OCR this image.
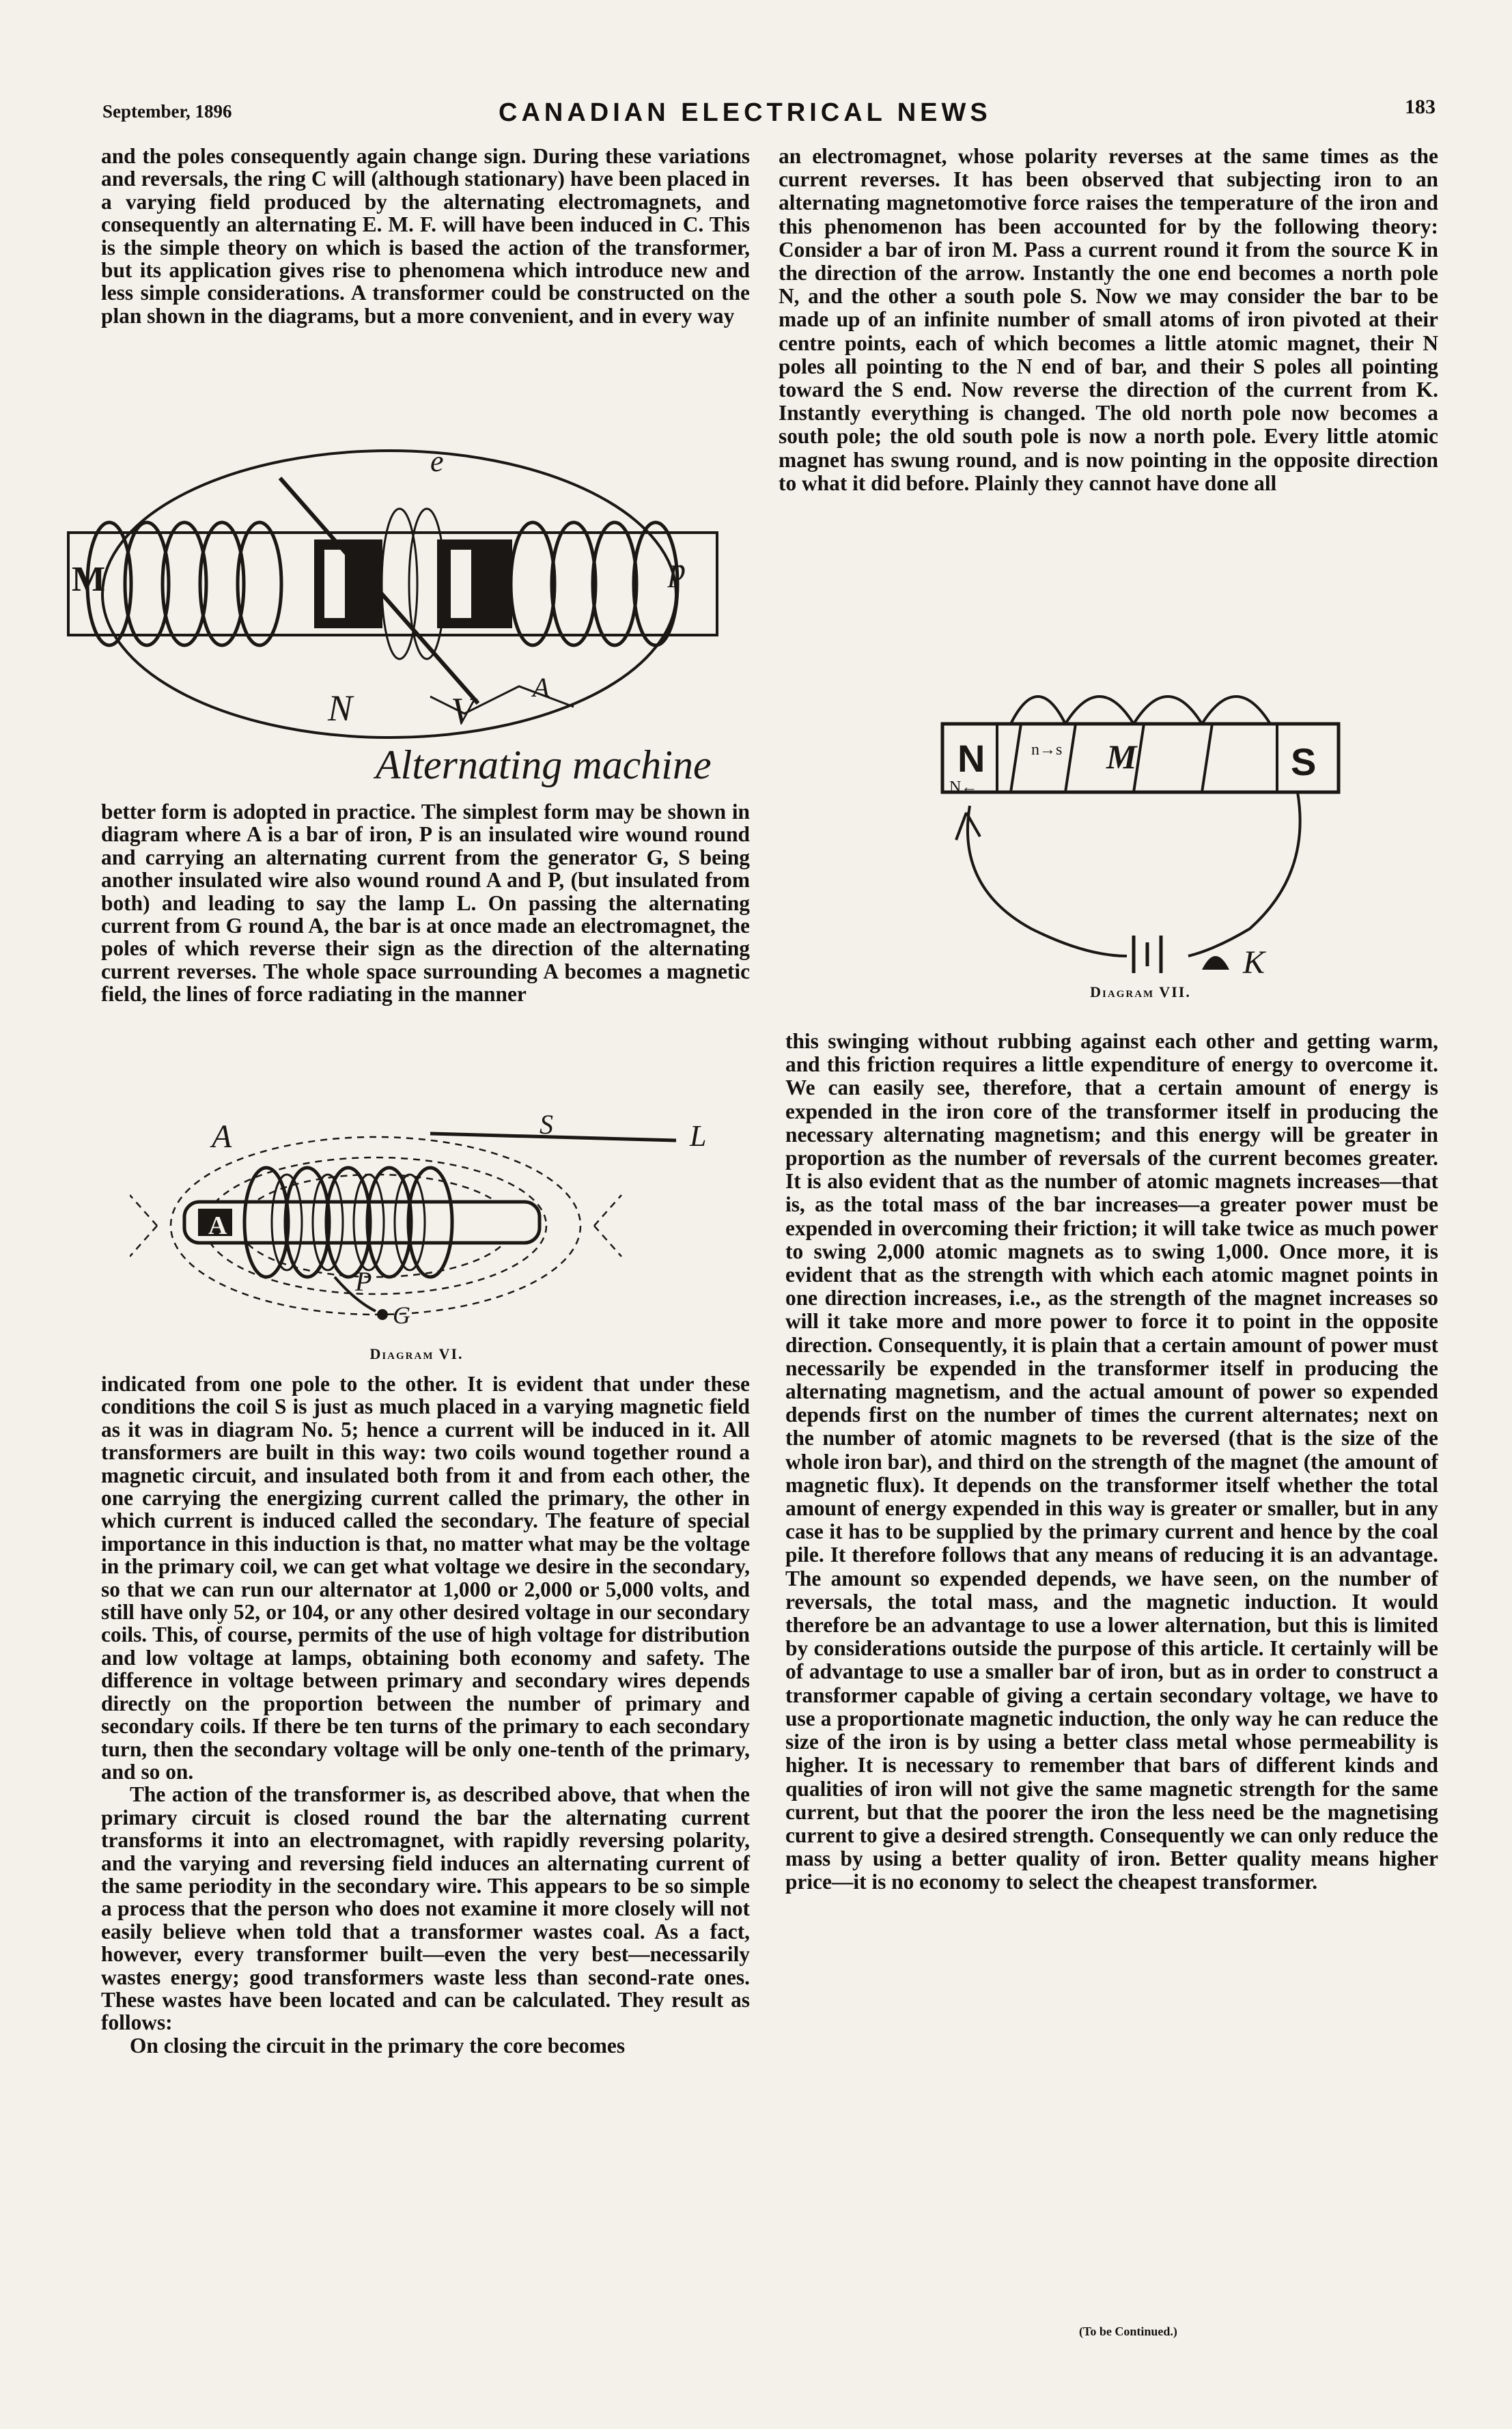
September, 1896	CANADIAN ELECTRICAL NEWS	183

and the poles consequently again change sign. During these variations and reversals, the ring C will (although stationary) have been placed in a varying field produced by the alternating electromagnets, and consequently an alternating E. M. F. will have been induced in C. This is the simple theory on which is based the action of the transformer, but its application gives rise to phenomena which introduce new and less simple considerations. A transformer could be constructed on the plan shown in the diagrams, but a more convenient, and in every way

e
M	p
N	V
A
Alternating machine

better form is adopted in practice. The simplest form may be shown in diagram where A is a bar of iron, P is an insulated wire wound round and carrying an alternating current from the generator G, S being another insulated wire also wound round A and P, (but insulated from both) and leading to say the lamp L. On passing the alternating current from G round A, the bar is at once made an electromagnet, the poles of which reverse their sign as the direction of the alternating current reverses. The whole space surrounding A becomes a magnetic field, the lines of force radiating in the manner

A
A
S	L
P
G
Diagram VI.

indicated from one pole to the other. It is evident that under these conditions the coil S is just as much placed in a varying magnetic field as it was in diagram No. 5; hence a current will be induced in it. All transformers are built in this way: two coils wound together round a magnetic circuit, and insulated both from it and from each other, the one carrying the energizing current called the primary, the other in which current is induced called the secondary. The feature of special importance in this induction is that, no matter what may be the voltage in the primary coil, we can get what voltage we desire in the secondary, so that we can run our alternator at 1,000 or 2,000 or 5,000 volts, and still have only 52, or 104, or any other desired voltage in our secondary coils. This, of course, permits of the use of high voltage for distribution and low voltage at lamps, obtaining both economy and safety. The difference in voltage between primary and secondary wires depends directly on the proportion between the number of primary and secondary coils. If there be ten turns of the primary to each secondary turn, then the secondary voltage will be only one-tenth of the primary, and so on.

The action of the transformer is, as described above, that when the primary circuit is closed round the bar the alternating current transforms it into an electromagnet, with rapidly reversing polarity, and the varying and reversing field induces an alternating current of the same periodity in the secondary wire. This appears to be so simple a process that the person who does not examine it more closely will not easily believe when told that a transformer wastes coal. As a fact, however, every transformer built—even the very best—necessarily wastes energy; good transformers waste less than second-rate ones. These wastes have been located and can be calculated. They result as follows:

On closing the circuit in the primary the core becomes

an electromagnet, whose polarity reverses at the same times as the current reverses. It has been observed that subjecting iron to an alternating magnetomotive force raises the temperature of the iron and this phenomenon has been accounted for by the following theory: Consider a bar of iron M. Pass a current round it from the source K in the direction of the arrow. Instantly the one end becomes a north pole N, and the other a south pole S. Now we may consider the bar to be made up of an infinite number of small atoms of iron pivoted at their centre points, each of which becomes a little atomic magnet, their N poles all pointing to the N end of bar, and their S poles all pointing toward the S end. Now reverse the direction of the current from K. Instantly everything is changed. The old north pole now becomes a south pole; the old south pole is now a north pole. Every little atomic magnet has swung round, and is now pointing in the opposite direction to what it did before. Plainly they cannot have done all

N	S
M
n→s
N←
K
Diagram VII.

this swinging without rubbing against each other and getting warm, and this friction requires a little expenditure of energy to overcome it. We can easily see, therefore, that a certain amount of energy is expended in the iron core of the transformer itself in producing the necessary alternating magnetism; and this energy will be greater in proportion as the number of reversals of the current becomes greater. It is also evident that as the number of atomic magnets increases—that is, as the total mass of the bar increases—a greater power must be expended in overcoming their friction; it will take twice as much power to swing 2,000 atomic magnets as to swing 1,000. Once more, it is evident that as the strength with which each atomic magnet points in one direction increases, i.e., as the strength of the magnet increases so will it take more and more power to force it to point in the opposite direction. Consequently, it is plain that a certain amount of power must necessarily be expended in the transformer itself in producing the alternating magnetism, and the actual amount of power so expended depends first on the number of times the current alternates; next on the number of atomic magnets to be reversed (that is the size of the whole iron bar), and third on the strength of the magnet (the amount of magnetic flux). It depends on the transformer itself whether the total amount of energy expended in this way is greater or smaller, but in any case it has to be supplied by the primary current and hence by the coal pile. It therefore follows that any means of reducing it is an advantage. The amount so expended depends, we have seen, on the number of reversals, the total mass, and the magnetic induction. It would therefore be an advantage to use a lower alternation, but this is limited by considerations outside the purpose of this article. It certainly will be of advantage to use a smaller bar of iron, but as in order to construct a transformer capable of giving a certain secondary voltage, we have to use a proportionate magnetic induction, the only way he can reduce the size of the iron is by using a better class metal whose permeability is higher. It is necessary to remember that bars of different kinds and qualities of iron will not give the same magnetic strength for the same current, but that the poorer the iron the less need be the magnetising current to give a desired strength. Consequently we can only reduce the mass by using a better quality of iron. Better quality means higher price—it is no economy to select the cheapest transformer.

(To be Continued.)
